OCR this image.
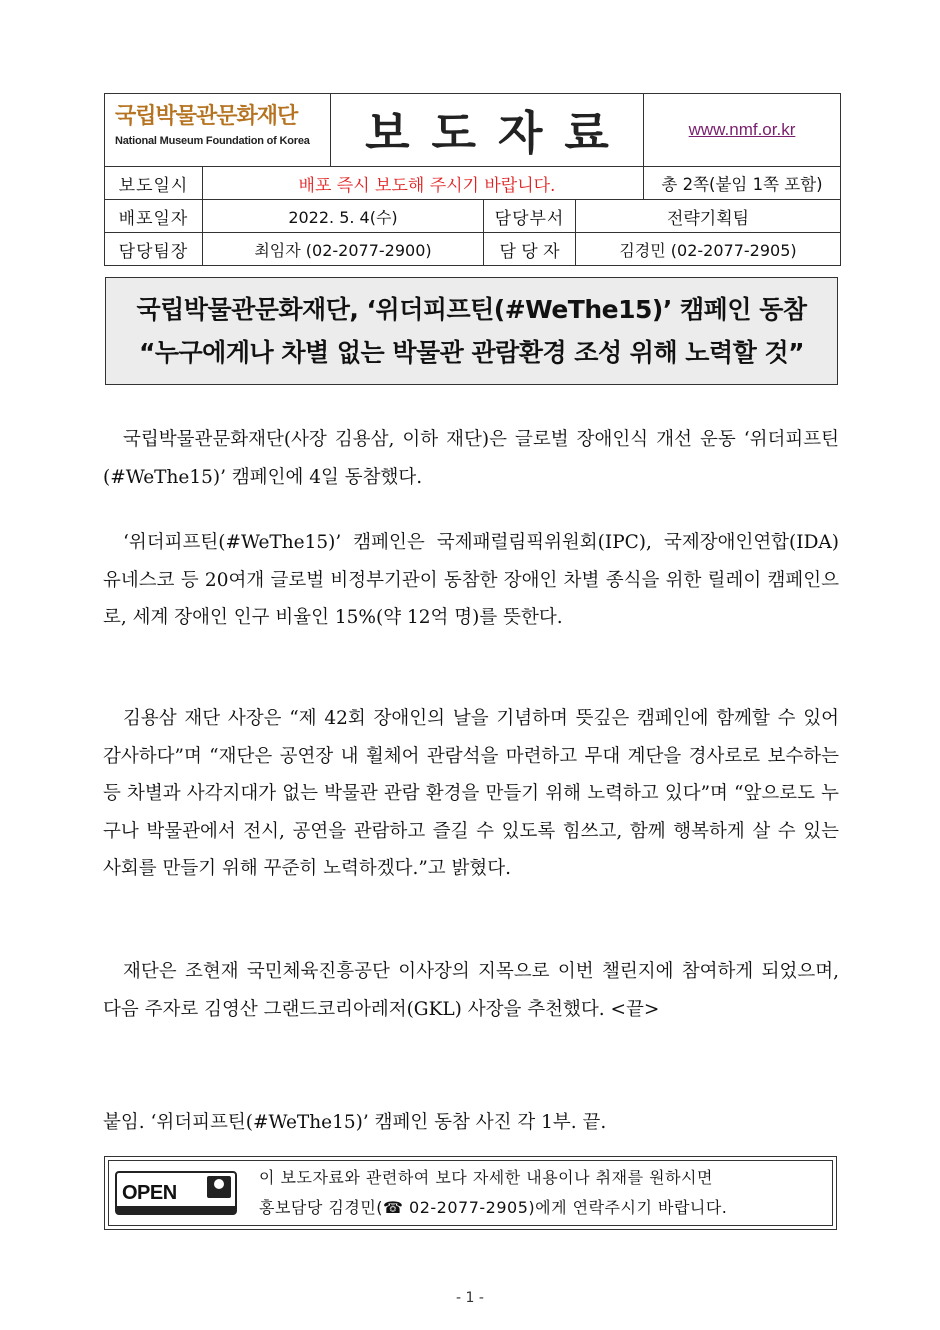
국립박물관문화재단
National Museum Foundation of Korea	보도자료	www.nmf.or.kr
보도일시	배포 즉시 보도해 주시기 바랍니다.	총 2쪽(붙임 1쪽 포함)
배포일자	2022. 5. 4(수)	담당부서	전략기획팀
담당팀장	최임자 (02-2077-2900)	담 당 자	김경민 (02-2077-2905)
국립박물관문화재단, ‘위더피프틴(#WeThe15)’ 캠페인 동참
“누구에게나 차별 없는 박물관 관람환경 조성 위해 노력할 것”
국립박물관문화재단(사장 김용삼, 이하 재단)은 글로벌 장애인식 개선 운동 ‘위더피프틴(#WeThe15)’ 캠페인에 4일 동참했다.
‘위더피프틴(#WeThe15)’ 캠페인은 국제패럴림픽위원회(IPC), 국제장애인연합(IDA) 유네스코 등 20여개 글로벌 비정부기관이 동참한 장애인 차별 종식을 위한 릴레이 캠페인으로, 세계 장애인 인구 비율인 15%(약 12억 명)를 뜻한다.
김용삼 재단 사장은 “제 42회 장애인의 날을 기념하며 뜻깊은 캠페인에 함께할 수 있어 감사하다”며 “재단은 공연장 내 휠체어 관람석을 마련하고 무대 계단을 경사로로 보수하는 등 차별과 사각지대가 없는 박물관 관람 환경을 만들기 위해 노력하고 있다”며 “앞으로도 누구나 박물관에서 전시, 공연을 관람하고 즐길 수 있도록 힘쓰고, 함께 행복하게 살 수 있는 사회를 만들기 위해 꾸준히 노력하겠다.”고 밝혔다.
재단은 조현재 국민체육진흥공단 이사장의 지목으로 이번 챌린지에 참여하게 되었으며, 다음 주자로 김영산 그랜드코리아레저(GKL) 사장을 추천했다. <끝>
붙임. ‘위더피프틴(#WeThe15)’ 캠페인 동참 사진 각 1부. 끝.
OPEN
이 보도자료와 관련하여 보다 자세한 내용이나 취재를 원하시면
홍보담당 김경민(☎ 02-2077-2905)에게 연락주시기 바랍니다.
- 1 -
